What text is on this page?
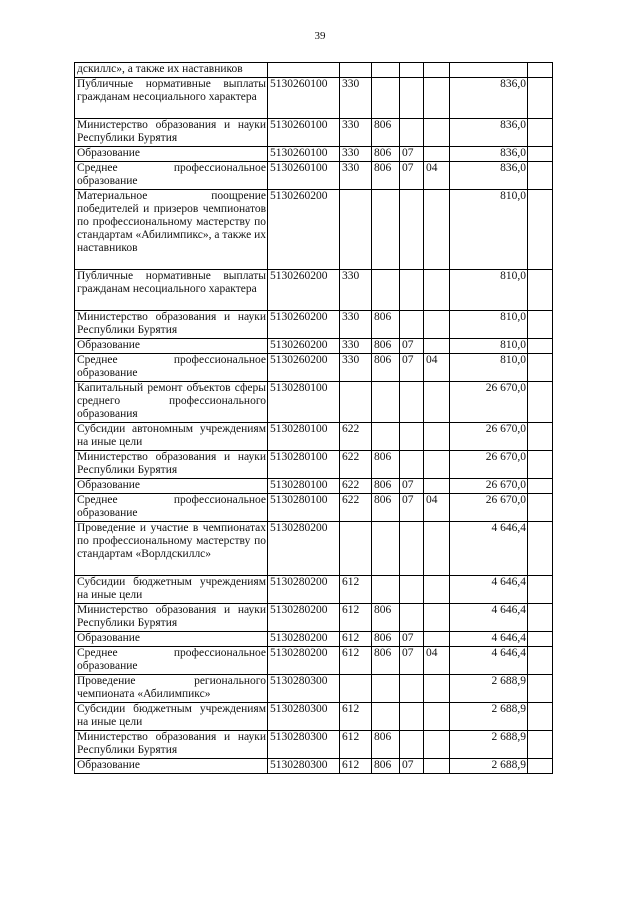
39
дскиллс», а также их наставников							

Публичные нормативные выплаты гражданам несоциального характера	5130260100	330				836,0	

Министерство образования и науки Республики Бурятия	5130260100	330	806			836,0	

Образование	5130260100	330	806	07		836,0	

Среднее профессиональное образование	5130260100	330	806	07	04	836,0	

Материальное поощрение победителей и призеров чемпионатов по профессиональному мастерству по стандартам «Абилимпикс», а также их наставников	5130260200					810,0	

Публичные нормативные выплаты гражданам несоциального характера	5130260200	330				810,0	

Министерство образования и науки Республики Бурятия	5130260200	330	806			810,0	

Образование	5130260200	330	806	07		810,0	

Среднее профессиональное образование	5130260200	330	806	07	04	810,0	

Капитальный ремонт объектов сферы среднего профессионального образования	5130280100					26 670,0	

Субсидии автономным учреждениям на иные цели	5130280100	622				26 670,0	

Министерство образования и науки Республики Бурятия	5130280100	622	806			26 670,0	

Образование	5130280100	622	806	07		26 670,0	

Среднее профессиональное образование	5130280100	622	806	07	04	26 670,0	

Проведение и участие в чемпионатах по профессиональному мастерству по стандартам «Ворлдскиллс»	5130280200					4 646,4	

Субсидии бюджетным учреждениям на иные цели	5130280200	612				4 646,4	

Министерство образования и науки Республики Бурятия	5130280200	612	806			4 646,4	

Образование	5130280200	612	806	07		4 646,4	

Среднее профессиональное образование	5130280200	612	806	07	04	4 646,4	

Проведение регионального чемпионата «Абилимпикс»	5130280300					2 688,9	

Субсидии бюджетным учреждениям на иные цели	5130280300	612				2 688,9	

Министерство образования и науки Республики Бурятия	5130280300	612	806			2 688,9	

Образование	5130280300	612	806	07		2 688,9	
